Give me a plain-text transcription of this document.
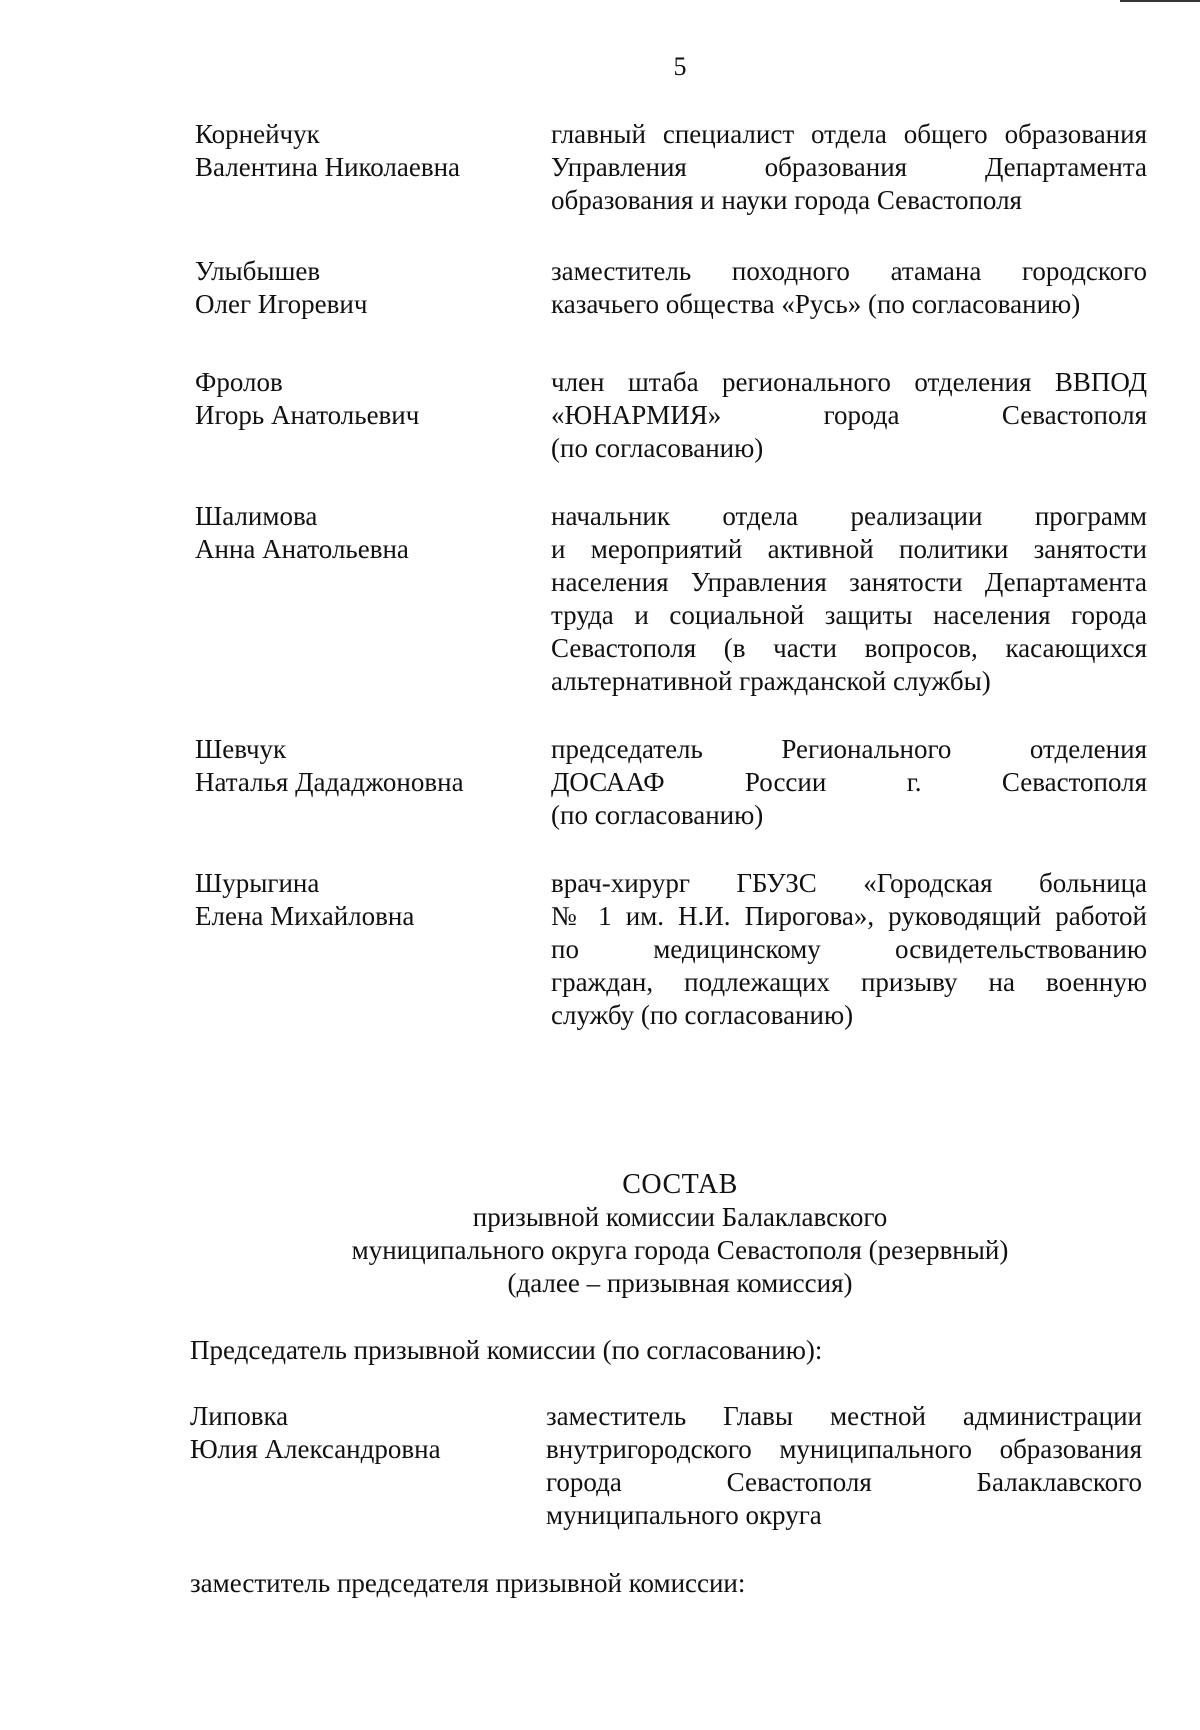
5
Корнейчук
Валентина Николаевна
главный специалист отдела общего образования
Управления образования Департамента
образования и науки города Севастополя
Улыбышев
Олег Игоревич
заместитель походного атамана городского
казачьего общества «Русь» (по согласованию)
Фролов
Игорь Анатольевич
член штаба регионального отделения ВВПОД
«ЮНАРМИЯ» города Севастополя
(по согласованию)
Шалимова
Анна Анатольевна
начальник отдела реализации программ
и мероприятий активной политики занятости
населения Управления занятости Департамента
труда и социальной защиты населения города
Севастополя (в части вопросов, касающихся
альтернативной гражданской службы)
Шевчук
Наталья Дададжоновна
председатель Регионального отделения
ДОСААФ России г. Севастополя
(по согласованию)
Шурыгина
Елена Михайловна
врач-хирург ГБУЗС «Городская больница
№ 1 им. Н.И. Пирогова», руководящий работой
по медицинскому освидетельствованию
граждан, подлежащих призыву на военную
службу (по согласованию)
СОСТАВ
призывной комиссии Балаклавского
муниципального округа города Севастополя (резервный)
(далее – призывная комиссия)
Председатель призывной комиссии (по согласованию):
Липовка
Юлия Александровна
заместитель Главы местной администрации
внутригородского муниципального образования
города Севастополя Балаклавского
муниципального округа
заместитель председателя призывной комиссии:
